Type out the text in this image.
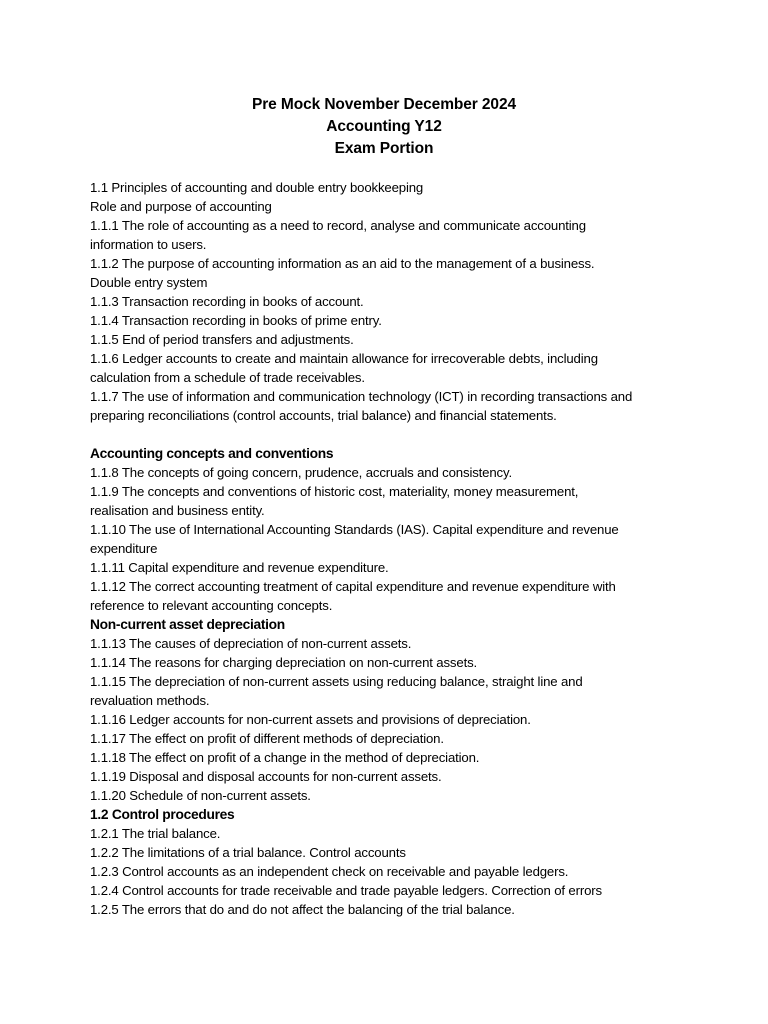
Pre Mock November December 2024
Accounting Y12
Exam Portion
1.1 Principles of accounting and double entry bookkeeping
Role and purpose of accounting
1.1.1 The role of accounting as a need to record, analyse and communicate accounting
information to users.
1.1.2 The purpose of accounting information as an aid to the management of a business.
Double entry system
1.1.3 Transaction recording in books of account.
1.1.4 Transaction recording in books of prime entry.
1.1.5 End of period transfers and adjustments.
1.1.6 Ledger accounts to create and maintain allowance for irrecoverable debts, including
calculation from a schedule of trade receivables.
1.1.7 The use of information and communication technology (ICT) in recording transactions and
preparing reconciliations (control accounts, trial balance) and financial statements.
Accounting concepts and conventions
1.1.8 The concepts of going concern, prudence, accruals and consistency.
1.1.9 The concepts and conventions of historic cost, materiality, money measurement,
realisation and business entity.
1.1.10 The use of International Accounting Standards (IAS). Capital expenditure and revenue
expenditure
1.1.11 Capital expenditure and revenue expenditure.
1.1.12 The correct accounting treatment of capital expenditure and revenue expenditure with
reference to relevant accounting concepts.
Non-current asset depreciation
1.1.13 The causes of depreciation of non-current assets.
1.1.14 The reasons for charging depreciation on non-current assets.
1.1.15 The depreciation of non-current assets using reducing balance, straight line and
revaluation methods.
1.1.16 Ledger accounts for non-current assets and provisions of depreciation.
1.1.17 The effect on profit of different methods of depreciation.
1.1.18 The effect on profit of a change in the method of depreciation.
1.1.19 Disposal and disposal accounts for non-current assets.
1.1.20 Schedule of non-current assets.
1.2 Control procedures
1.2.1 The trial balance.
1.2.2 The limitations of a trial balance. Control accounts
1.2.3 Control accounts as an independent check on receivable and payable ledgers.
1.2.4 Control accounts for trade receivable and trade payable ledgers. Correction of errors
1.2.5 The errors that do and do not affect the balancing of the trial balance.
